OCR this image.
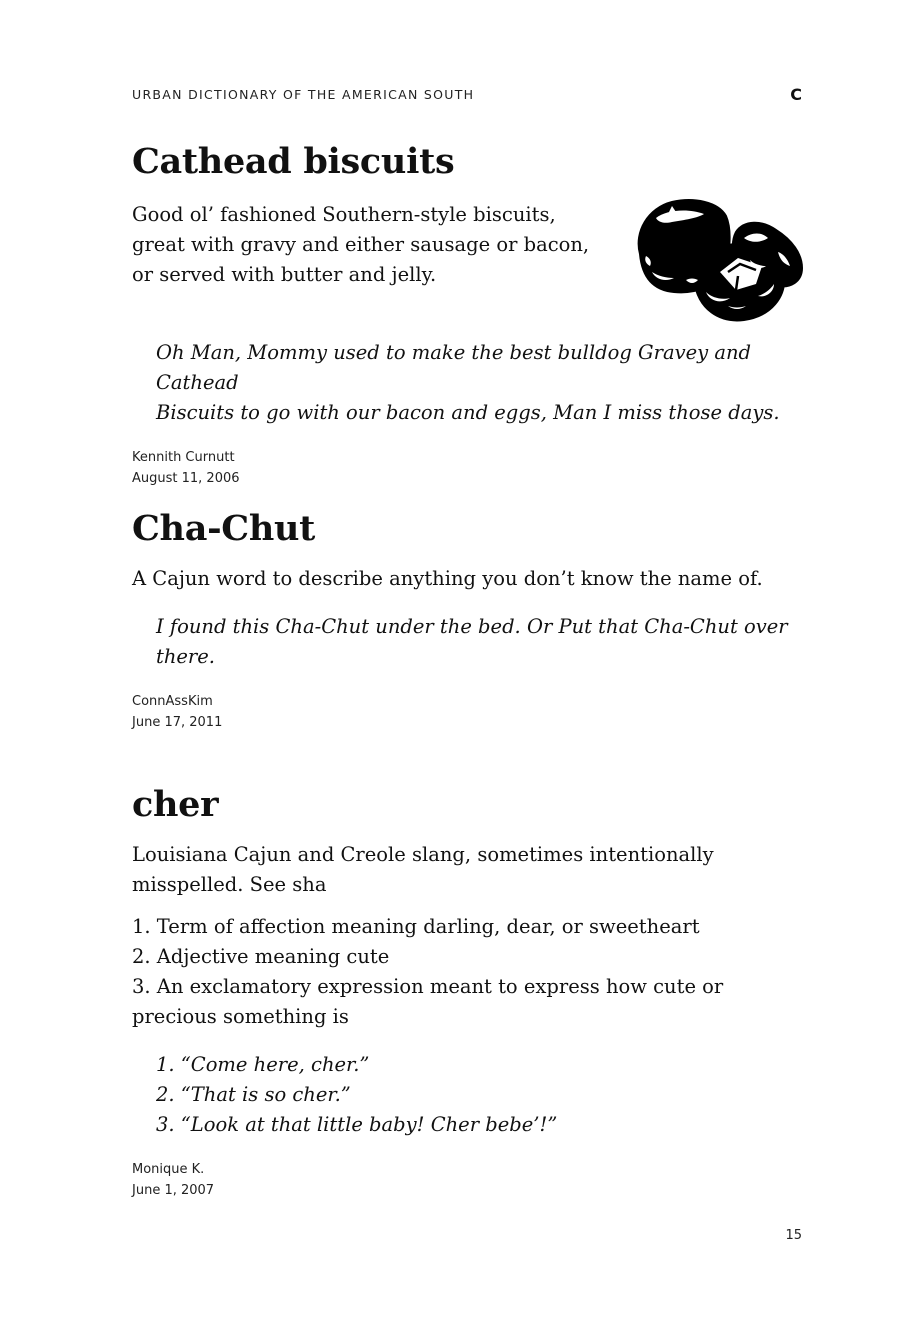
URBAN DICTIONARY OF THE AMERICAN SOUTH	C
Cathead biscuits
Good ol’ fashioned Southern-style biscuits,
great with gravy and either sausage or bacon,
or served with butter and jelly.
Oh Man, Mommy used to make the best bulldog Gravey and Cathead
Biscuits to go with our bacon and eggs, Man I miss those days.
Kennith Curnutt
August 11, 2006
Cha-Chut
A Cajun word to describe anything you don’t know the name of.
I found this Cha-Chut under the bed. Or Put that Cha-Chut over
there.
ConnAssKim
June 17, 2011
cher
Louisiana Cajun and Creole slang, sometimes intentionally
misspelled. See sha
1. Term of affection meaning darling, dear, or sweetheart
2. Adjective meaning cute
3. An exclamatory expression meant to express how cute or
precious something is
1. “Come here, cher.”
2. “That is so cher.”
3. “Look at that little baby! Cher bebe’!”
Monique K.
June 1, 2007
15
